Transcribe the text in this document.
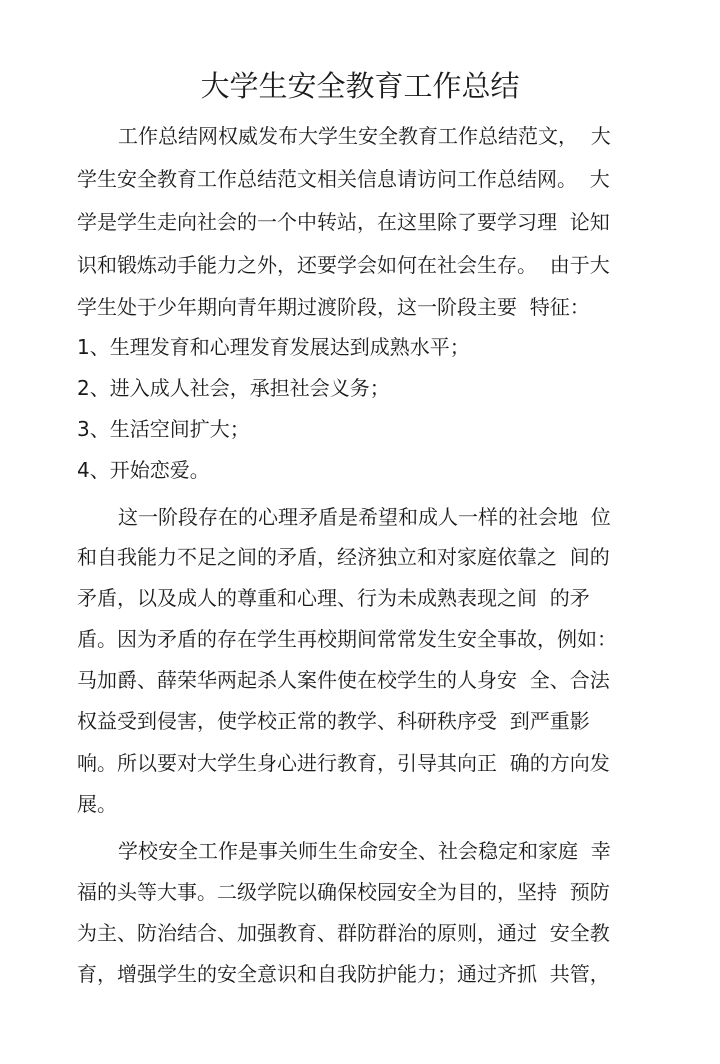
大学生安全教育工作总结
工作总结网权威发布大学生安全教育工作总结范文，  大
学生安全教育工作总结范文相关信息请访问工作总结网。  大
学是学生走向社会的一个中转站，在这里除了要学习理  论知
识和锻炼动手能力之外，还要学会如何在社会生存。  由于大
学生处于少年期向青年期过渡阶段，这一阶段主要  特征：
1、生理发育和心理发育发展达到成熟水平；
2、进入成人社会，承担社会义务；
3、生活空间扩大；
4、开始恋爱。
这一阶段存在的心理矛盾是希望和成人一样的社会地  位
和自我能力不足之间的矛盾，经济独立和对家庭依靠之  间的
矛盾，以及成人的尊重和心理、行为未成熟表现之间  的矛
盾。因为矛盾的存在学生再校期间常常发生安全事故，例如：
马加爵、薛荣华两起杀人案件使在校学生的人身安  全、合法
权益受到侵害，使学校正常的教学、科研秩序受  到严重影
响。所以要对大学生身心进行教育，引导其向正  确的方向发
展。
学校安全工作是事关师生生命安全、社会稳定和家庭  幸
福的头等大事。二级学院以确保校园安全为目的，坚持  预防
为主、防治结合、加强教育、群防群治的原则，通过  安全教
育，增强学生的安全意识和自我防护能力；通过齐抓  共管，
